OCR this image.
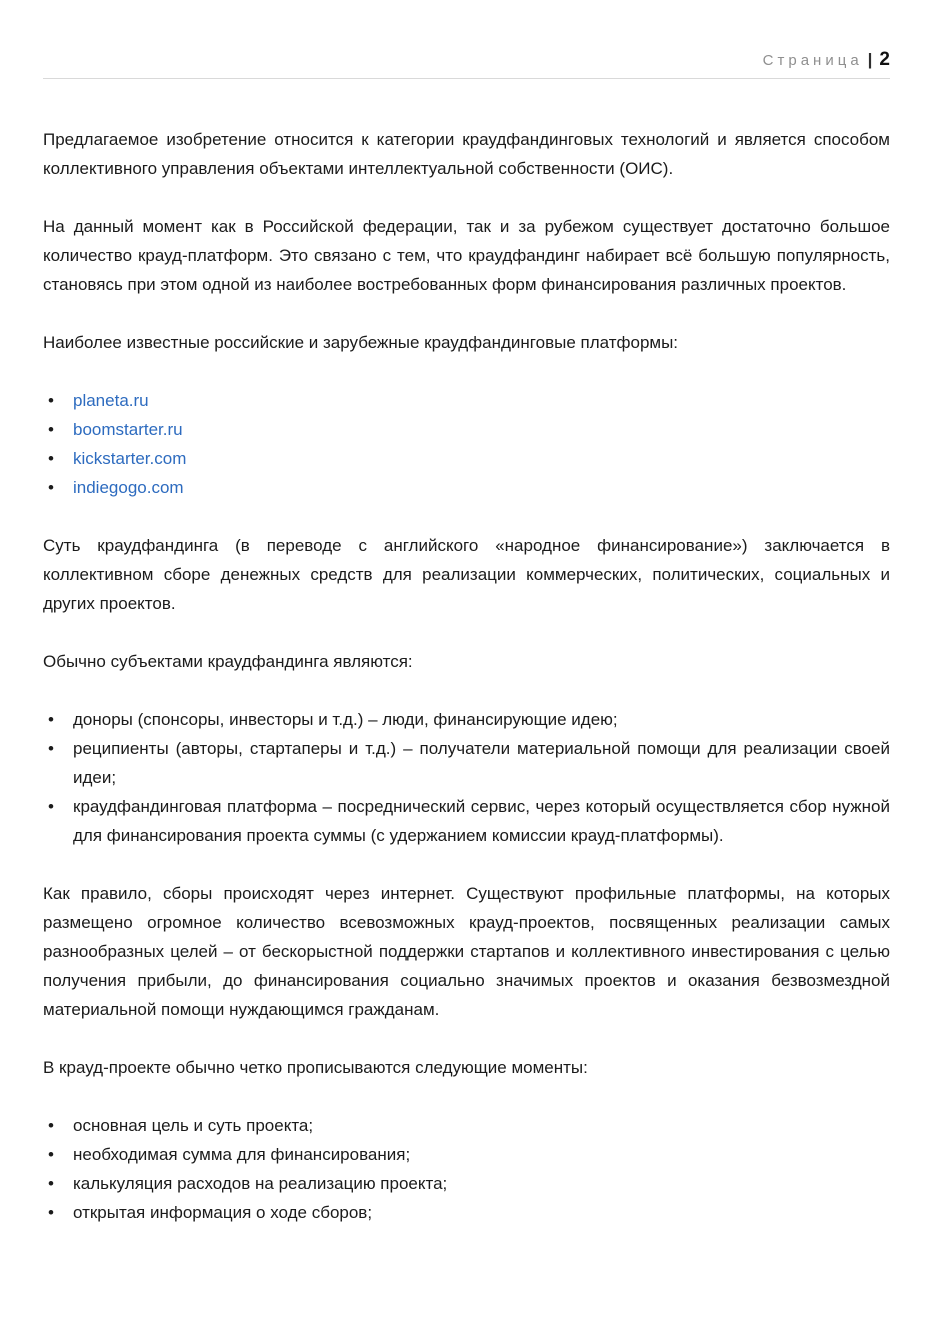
Страница | 2

Предлагаемое изобретение относится к категории краудфандинговых технологий и является способом коллективного управления объектами интеллектуальной собственности (ОИС).

На данный момент как в Российской федерации, так и за рубежом существует достаточно большое количество крауд-платформ. Это связано с тем, что краудфандинг набирает всё большую популярность, становясь при этом одной из наиболее востребованных форм финансирования различных проектов.

Наиболее известные российские и зарубежные краудфандинговые платформы:

• planeta.ru
• boomstarter.ru
• kickstarter.com
• indiegogo.com

Суть краудфандинга (в переводе с английского «народное финансирование») заключается в коллективном сборе денежных средств для реализации коммерческих, политических, социальных и других проектов.

Обычно субъектами краудфандинга являются:

• доноры (спонсоры, инвесторы и т.д.) – люди, финансирующие идею;
• реципиенты (авторы, стартаперы и т.д.) – получатели материальной помощи для реализации своей идеи;
• краудфандинговая платформа – посреднический сервис, через который осуществляется сбор нужной для финансирования проекта суммы (с удержанием комиссии крауд-платформы).

Как правило, сборы происходят через интернет. Существуют профильные платформы, на которых размещено огромное количество всевозможных крауд-проектов, посвященных реализации самых разнообразных целей – от бескорыстной поддержки стартапов и коллективного инвестирования с целью получения прибыли, до финансирования социально значимых проектов и оказания безвозмездной материальной помощи нуждающимся гражданам.

В крауд-проекте обычно четко прописываются следующие моменты:

• основная цель и суть проекта;
• необходимая сумма для финансирования;
• калькуляция расходов на реализацию проекта;
• открытая информация о ходе сборов;
